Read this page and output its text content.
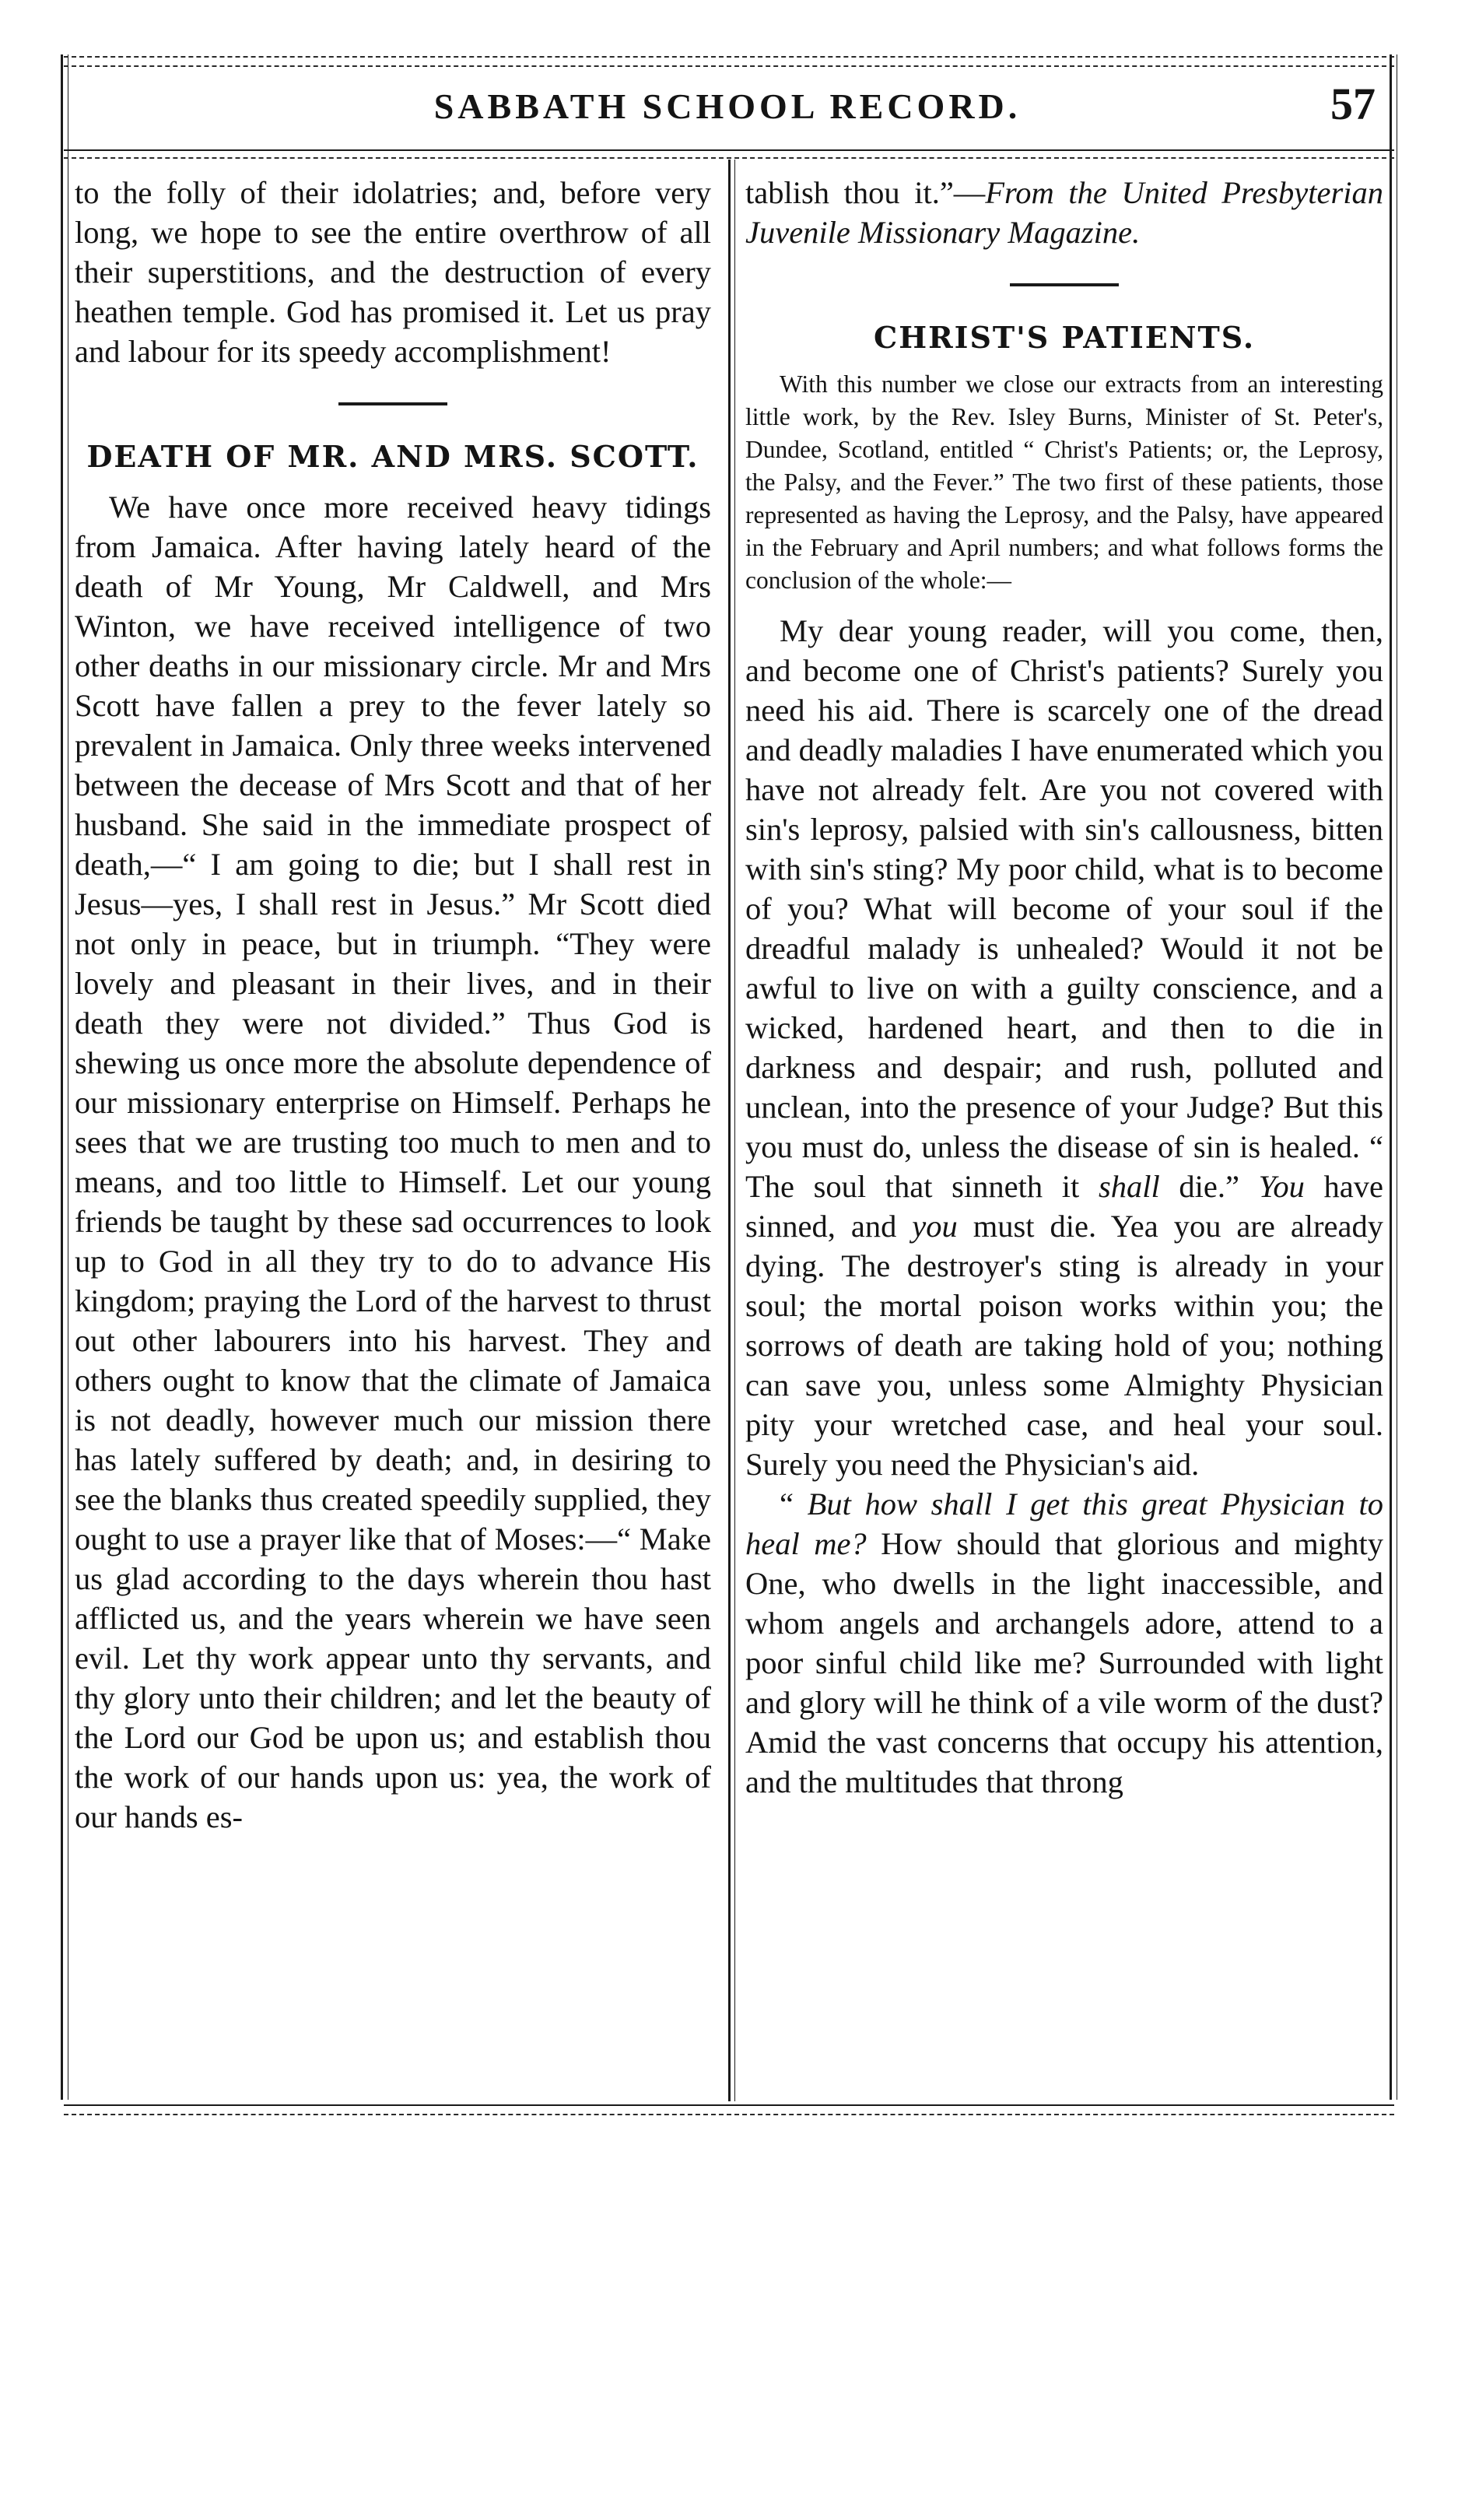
SABBATH SCHOOL RECORD.	57

to the folly of their idolatries; and, before very long, we hope to see the entire overthrow of all their superstitions, and the destruction of every heathen temple. God has promised it. Let us pray and labour for its speedy accomplishment!

DEATH OF MR. AND MRS. SCOTT.

We have once more received heavy tidings from Jamaica. After having lately heard of the death of Mr Young, Mr Caldwell, and Mrs Winton, we have received intelligence of two other deaths in our missionary circle. Mr and Mrs Scott have fallen a prey to the fever lately so prevalent in Jamaica. Only three weeks intervened between the decease of Mrs Scott and that of her husband. She said in the immediate prospect of death,—“ I am going to die; but I shall rest in Jesus—yes, I shall rest in Jesus.” Mr Scott died not only in peace, but in triumph. “They were lovely and pleasant in their lives, and in their death they were not divided.” Thus God is shewing us once more the absolute dependence of our missionary enterprise on Himself. Perhaps he sees that we are trusting too much to men and to means, and too little to Himself. Let our young friends be taught by these sad occurrences to look up to God in all they try to do to advance His kingdom; praying the Lord of the harvest to thrust out other labourers into his harvest. They and others ought to know that the climate of Jamaica is not deadly, however much our mission there has lately suffered by death; and, in desiring to see the blanks thus created speedily supplied, they ought to use a prayer like that of Moses:—“ Make us glad according to the days wherein thou hast afflicted us, and the years wherein we have seen evil. Let thy work appear unto thy servants, and thy glory unto their children; and let the beauty of the Lord our God be upon us; and establish thou the work of our hands upon us: yea, the work of our hands es-

tablish thou it.”—From the United Presbyterian Juvenile Missionary Magazine.

CHRIST'S PATIENTS.

With this number we close our extracts from an interesting little work, by the Rev. Isley Burns, Minister of St. Peter's, Dundee, Scotland, entitled “ Christ's Patients; or, the Leprosy, the Palsy, and the Fever.” The two first of these patients, those represented as having the Leprosy, and the Palsy, have appeared in the February and April numbers; and what follows forms the conclusion of the whole:—

My dear young reader, will you come, then, and become one of Christ's patients? Surely you need his aid. There is scarcely one of the dread and deadly maladies I have enumerated which you have not already felt. Are you not covered with sin's leprosy, palsied with sin's callousness, bitten with sin's sting? My poor child, what is to become of you? What will become of your soul if the dreadful malady is unhealed? Would it not be awful to live on with a guilty conscience, and a wicked, hardened heart, and then to die in darkness and despair; and rush, polluted and unclean, into the presence of your Judge? But this you must do, unless the disease of sin is healed. “ The soul that sinneth it shall die.” You have sinned, and you must die. Yea you are already dying. The destroyer's sting is already in your soul; the mortal poison works within you; the sorrows of death are taking hold of you; nothing can save you, unless some Almighty Physician pity your wretched case, and heal your soul. Surely you need the Physician's aid.

“ But how shall I get this great Physician to heal me? How should that glorious and mighty One, who dwells in the light inaccessible, and whom angels and archangels adore, attend to a poor sinful child like me? Surrounded with light and glory will he think of a vile worm of the dust? Amid the vast concerns that occupy his attention, and the multitudes that throng
